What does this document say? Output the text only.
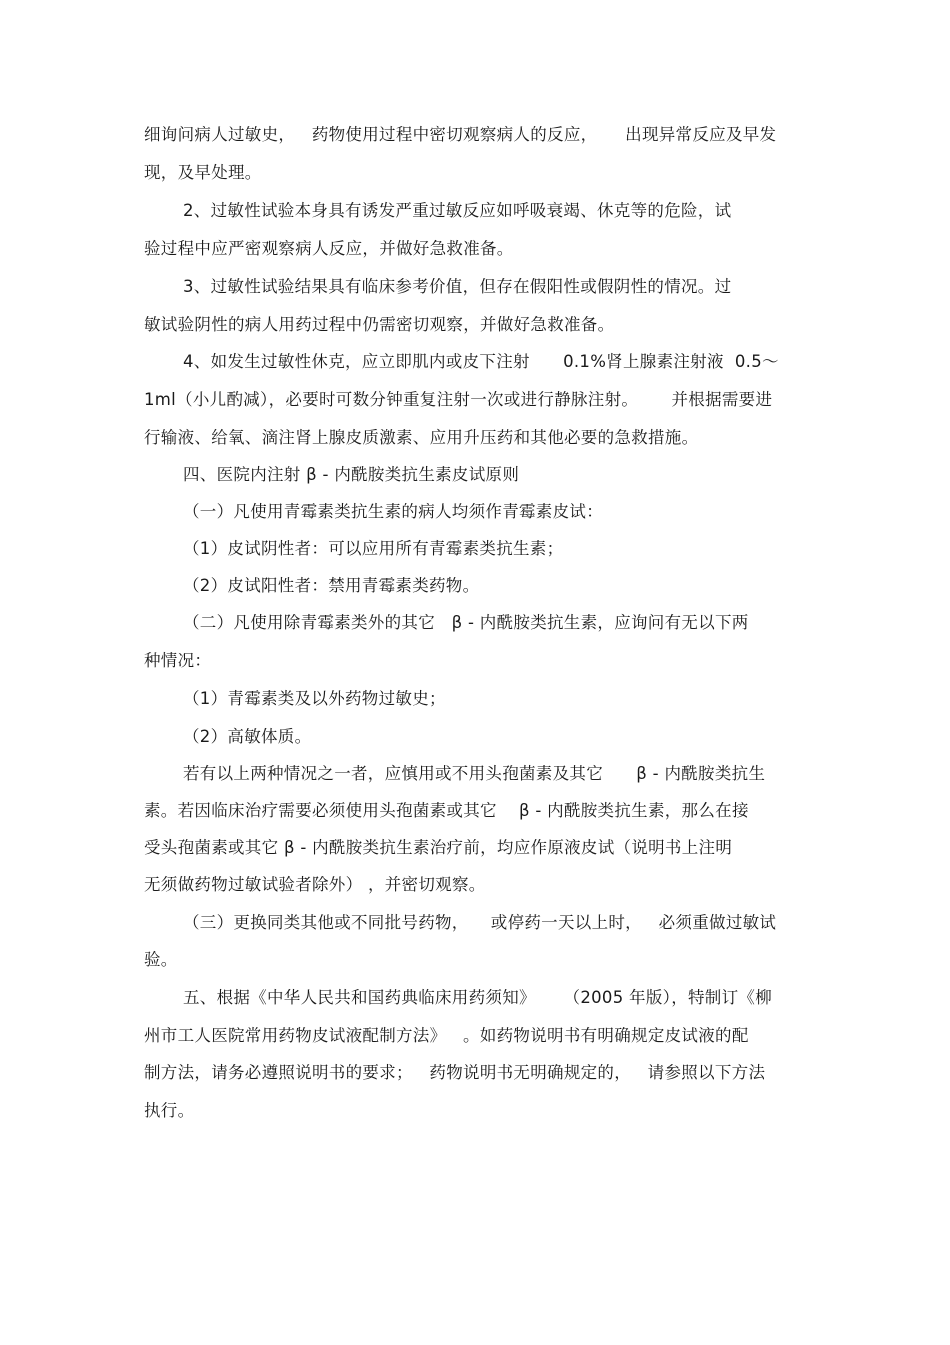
细询问病人过敏史，   药物使用过程中密切观察病人的反应，     出现异常反应及早发
现，及早处理。
2、过敏性试验本身具有诱发严重过敏反应如呼吸衰竭、休克等的危险，试
验过程中应严密观察病人反应，并做好急救准备。
3、过敏性试验结果具有临床参考价值，但存在假阳性或假阴性的情况。过
敏试验阴性的病人用药过程中仍需密切观察，并做好急救准备。
4、如发生过敏性休克，应立即肌内或皮下注射      0.1%肾上腺素注射液  0.5～
1ml（小儿酌减），必要时可数分钟重复注射一次或进行静脉注射。      并根据需要进
行输液、给氧、滴注肾上腺皮质激素、应用升压药和其他必要的急救措施。
四、医院内注射 β - 内酰胺类抗生素皮试原则
（一）凡使用青霉素类抗生素的病人均须作青霉素皮试：
（1）皮试阴性者：可以应用所有青霉素类抗生素；
（2）皮试阳性者：禁用青霉素类药物。
（二）凡使用除青霉素类外的其它   β - 内酰胺类抗生素，应询问有无以下两
种情况：
（1）青霉素类及以外药物过敏史；
（2）高敏体质。
若有以上两种情况之一者，应慎用或不用头孢菌素及其它      β - 内酰胺类抗生
素。若因临床治疗需要必须使用头孢菌素或其它    β - 内酰胺类抗生素，那么在接
受头孢菌素或其它 β - 内酰胺类抗生素治疗前，均应作原液皮试（说明书上注明
无须做药物过敏试验者除外） ，并密切观察。
（三）更换同类其他或不同批号药物，    或停药一天以上时，   必须重做过敏试
验。
五、根据《中华人民共和国药典临床用药须知》     （2005 年版），特制订《柳
州市工人医院常用药物皮试液配制方法》   。如药物说明书有明确规定皮试液的配
制方法，请务必遵照说明书的要求；   药物说明书无明确规定的，   请参照以下方法
执行。
